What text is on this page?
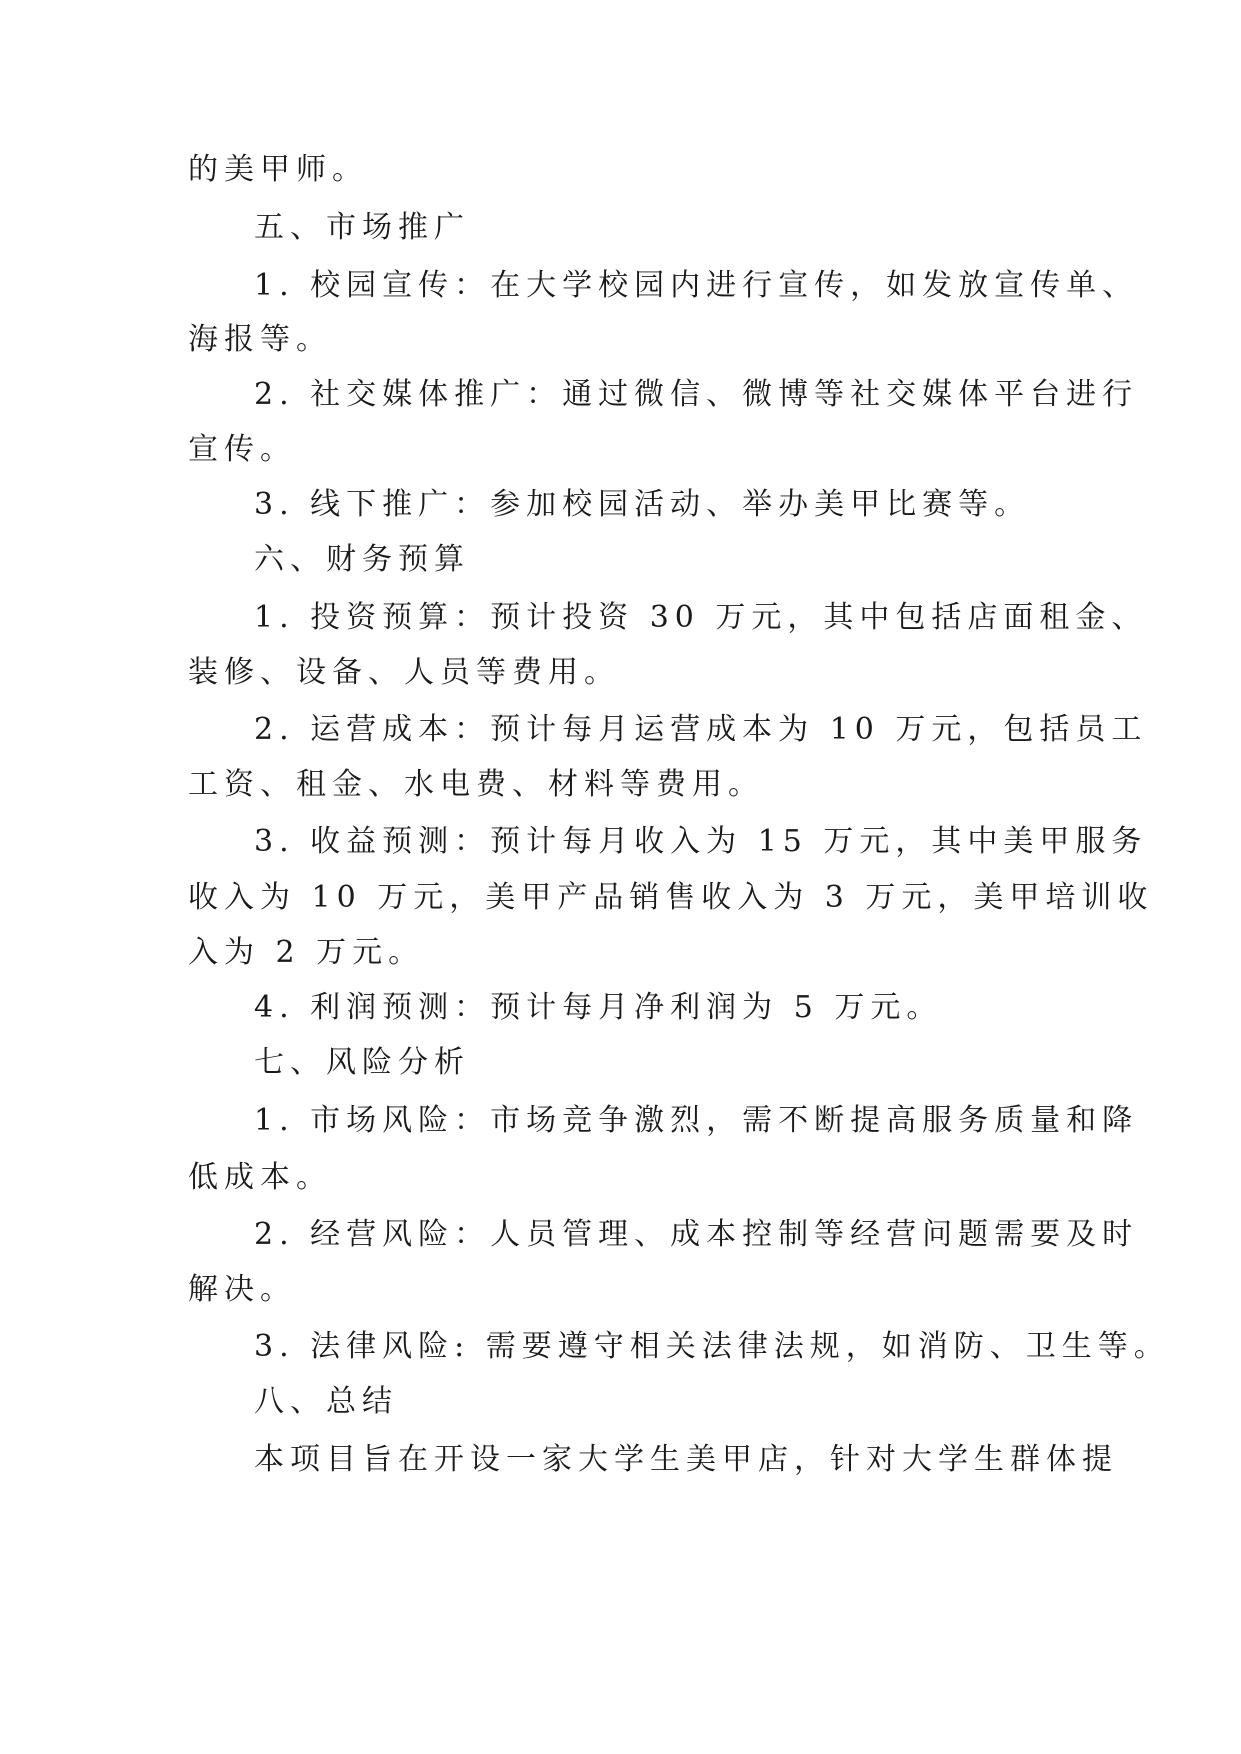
的美甲师。
五、市场推广
1. 校园宣传：在大学校园内进行宣传，如发放宣传单、
海报等。
2. 社交媒体推广：通过微信、微博等社交媒体平台进行
宣传。
3. 线下推广：参加校园活动、举办美甲比赛等。
六、财务预算
1. 投资预算：预计投资 30 万元，其中包括店面租金、
装修、设备、人员等费用。
2. 运营成本：预计每月运营成本为 10 万元，包括员工
工资、租金、水电费、材料等费用。
3. 收益预测：预计每月收入为 15 万元，其中美甲服务
收入为 10 万元，美甲产品销售收入为 3 万元，美甲培训收
入为 2 万元。
4. 利润预测：预计每月净利润为 5 万元。
七、风险分析
1. 市场风险：市场竞争激烈，需不断提高服务质量和降
低成本。
2. 经营风险：人员管理、成本控制等经营问题需要及时
解决。
3. 法律风险: 需要遵守相关法律法规，如消防、卫生等。
八、总结
本项目旨在开设一家大学生美甲店，针对大学生群体提
